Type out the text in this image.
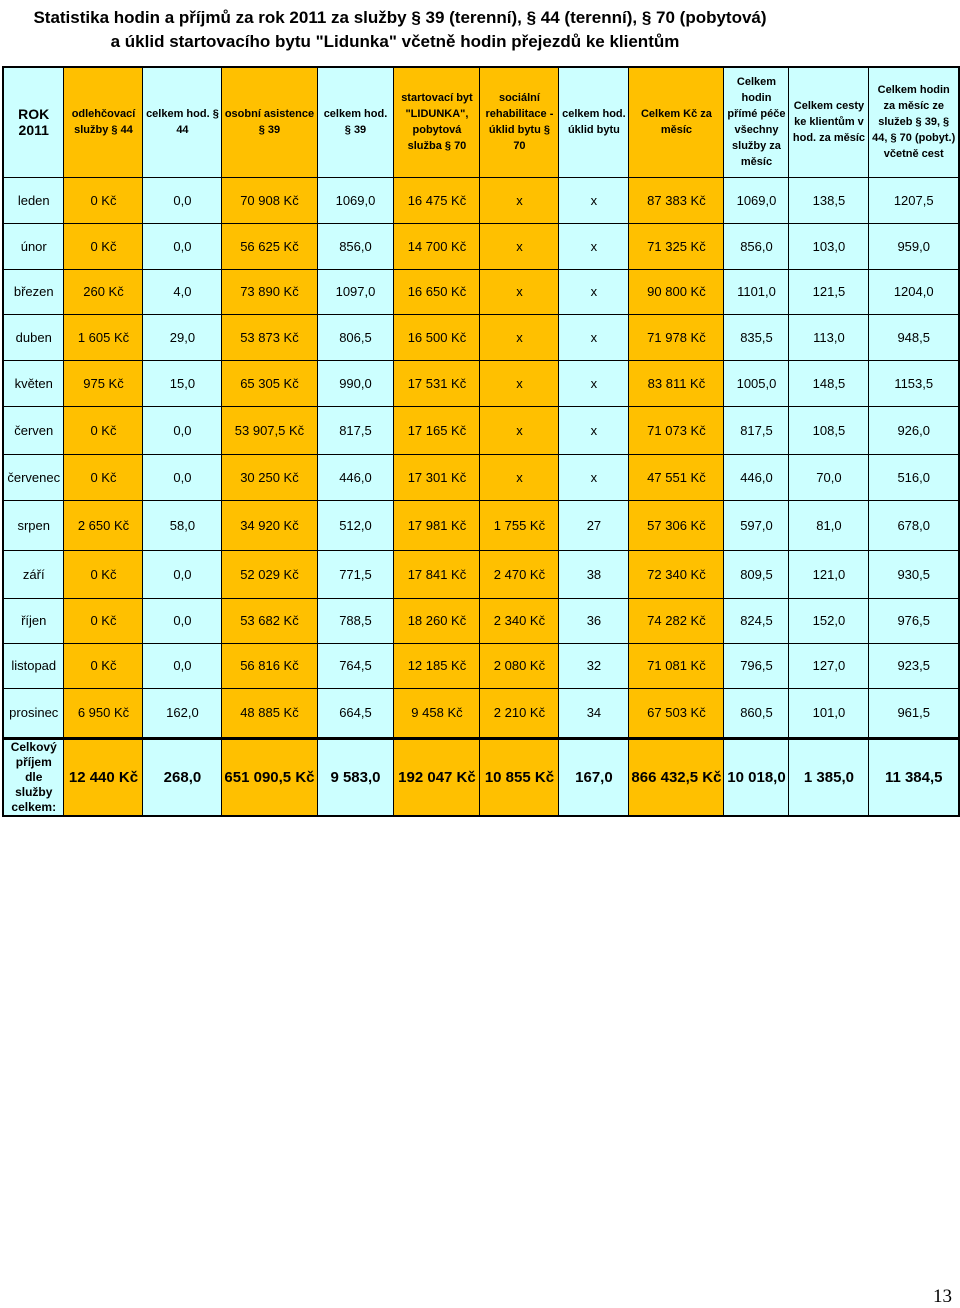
Statistika hodin a příjmů za rok 2011 za služby § 39 (terenní), § 44 (terenní), § 70 (pobytová)
a úklid startovacího bytu "Lidunka" včetně hodin přejezdů ke klientům
ROK 2011	odlehčovací služby § 44	celkem hod. § 44	osobní asistence § 39	celkem hod. § 39	startovací byt "LIDUNKA", pobytová služba § 70	sociální rehabilitace - úklid bytu § 70	celkem hod. úklid bytu	Celkem Kč za měsíc	Celkem hodin přímé péče všechny služby za měsíc	Celkem cesty ke klientům v hod. za měsíc	Celkem hodin za měsíc ze služeb § 39, § 44, § 70 (pobyt.) včetně cest
leden	0 Kč	0,0	70 908 Kč	1069,0	16 475 Kč	x	x	87 383 Kč	1069,0	138,5	1207,5
únor	0 Kč	0,0	56 625 Kč	856,0	14 700 Kč	x	x	71 325 Kč	856,0	103,0	959,0
březen	260 Kč	4,0	73 890 Kč	1097,0	16 650 Kč	x	x	90 800 Kč	1101,0	121,5	1204,0
duben	1 605 Kč	29,0	53 873 Kč	806,5	16 500 Kč	x	x	71 978 Kč	835,5	113,0	948,5
květen	975 Kč	15,0	65 305 Kč	990,0	17 531 Kč	x	x	83 811 Kč	1005,0	148,5	1153,5
červen	0 Kč	0,0	53 907,5 Kč	817,5	17 165 Kč	x	x	71 073 Kč	817,5	108,5	926,0
červenec	0 Kč	0,0	30 250 Kč	446,0	17 301 Kč	x	x	47 551 Kč	446,0	70,0	516,0
srpen	2 650 Kč	58,0	34 920 Kč	512,0	17 981 Kč	1 755 Kč	27	57 306 Kč	597,0	81,0	678,0
září	0 Kč	0,0	52 029 Kč	771,5	17 841 Kč	2 470 Kč	38	72 340 Kč	809,5	121,0	930,5
říjen	0 Kč	0,0	53 682 Kč	788,5	18 260 Kč	2 340 Kč	36	74 282 Kč	824,5	152,0	976,5
listopad	0 Kč	0,0	56 816 Kč	764,5	12 185 Kč	2 080 Kč	32	71 081 Kč	796,5	127,0	923,5
prosinec	6 950 Kč	162,0	48 885 Kč	664,5	9 458 Kč	2 210 Kč	34	67 503 Kč	860,5	101,0	961,5
Celkový příjem dle služby celkem:	12 440 Kč	268,0	651 090,5 Kč	9 583,0	192 047 Kč	10 855 Kč	167,0	866 432,5 Kč	10 018,0	1 385,0	11 384,5
13
